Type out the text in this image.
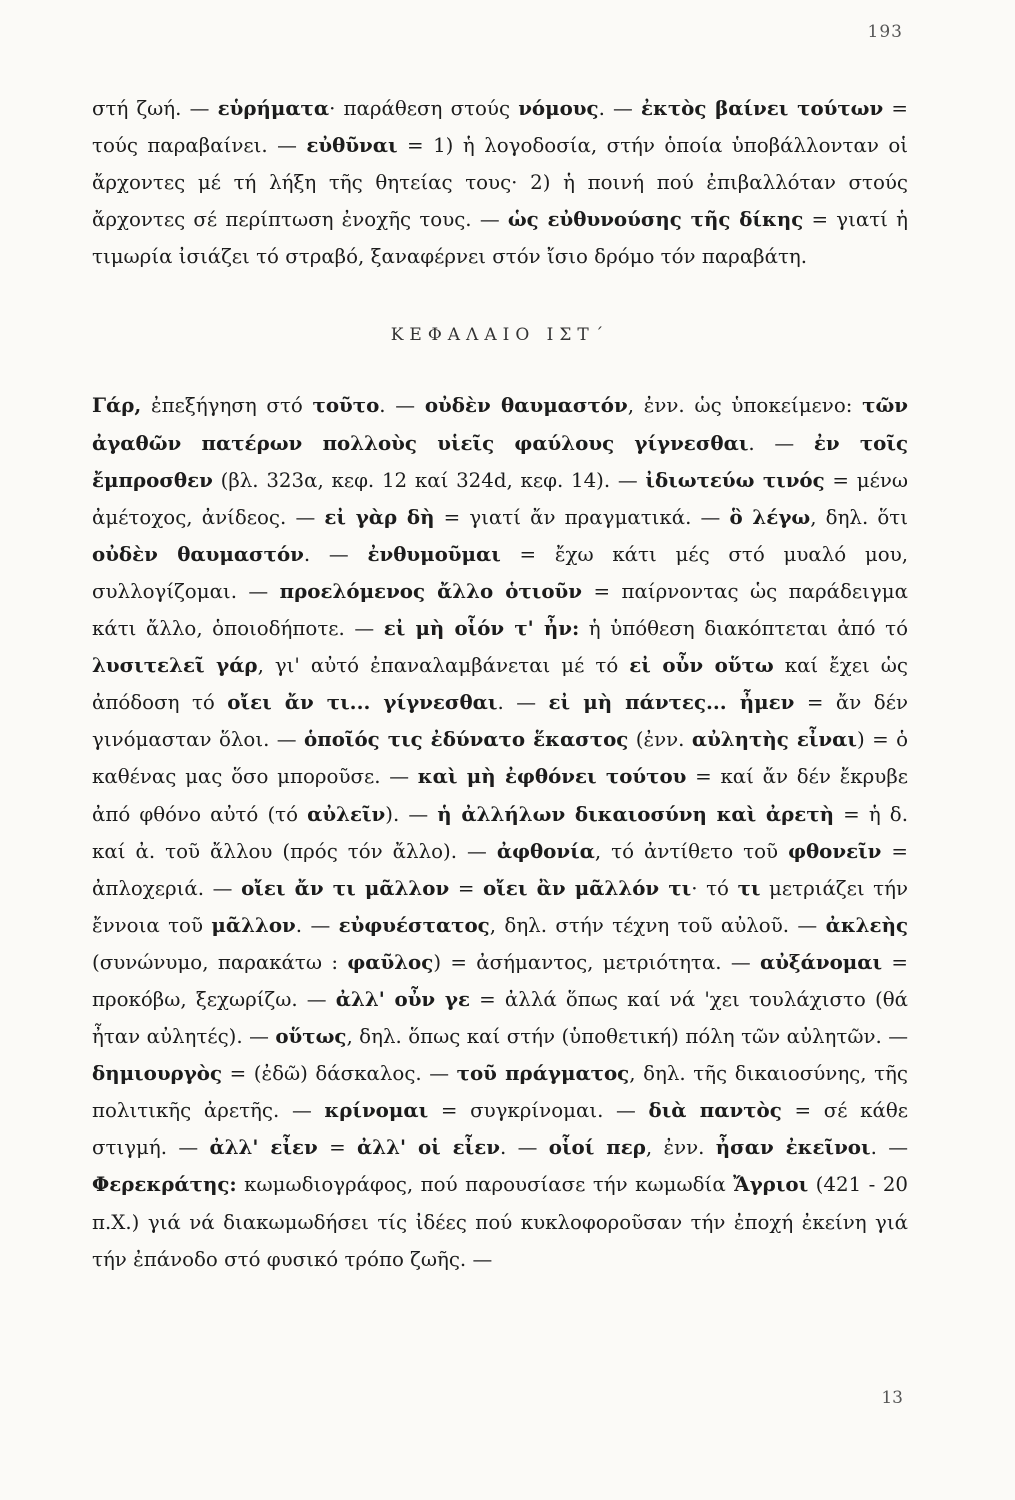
193

στή ζωή. — εὑρήματα· παράθεση στούς νόμους. — ἐκτὸς βαίνει τούτων = τούς παραβαίνει. — εὐθῦναι = 1) ἡ λογοδοσία, στήν ὁποία ὑποβάλλονταν οἱ ἄρχοντες μέ τή λήξη τῆς θητείας τους· 2) ἡ ποινή πού ἐπιβαλλόταν στούς ἄρχοντες σέ περίπτωση ἐνοχῆς τους. — ὡς εὐθυνούσης τῆς δίκης = γιατί ἡ τιμωρία ἰσιάζει τό στραβό, ξαναφέρνει στόν ἴσιο δρόμο τόν παραβάτη.

ΚΕΦΑΛΑΙΟ ΙΣΤ΄

Γάρ, ἐπεξήγηση στό τοῦτο. — οὐδὲν θαυμαστόν, ἐνν. ὡς ὑποκείμενο: τῶν ἀγαθῶν πατέρων πολλοὺς υἱεῖς φαύλους γίγνεσθαι. — ἐν τοῖς ἔμπροσθεν (βλ. 323α, κεφ. 12 καί 324d, κεφ. 14). — ἰδιωτεύω τινός = μένω ἀμέτοχος, ἀνίδεος. — εἰ γὰρ δὴ = γιατί ἄν πραγματικά. — ὃ λέγω, δηλ. ὅτι οὐδὲν θαυμαστόν. — ἐνθυμοῦμαι = ἔχω κάτι μές στό μυαλό μου, συλλογίζομαι. — προελόμενος ἄλλο ὁτιοῦν = παίρνοντας ὡς παράδειγμα κάτι ἄλλο, ὁποιοδήποτε. — εἰ μὴ οἷόν τ' ἦν: ἡ ὑπόθεση διακόπτεται ἀπό τό λυσιτελεῖ γάρ, γι' αὐτό ἐπαναλαμβάνεται μέ τό εἰ οὖν οὕτω καί ἔχει ὡς ἀπόδοση τό οἴει ἄν τι... γίγνεσθαι. — εἰ μὴ πάντες... ἦμεν = ἄν δέν γινόμασταν ὅλοι. — ὁποῖός τις ἐδύνατο ἕκαστος (ἐνν. αὐλητὴς εἶναι) = ὁ καθένας μας ὅσο μποροῦσε. — καὶ μὴ ἐφθόνει τούτου = καί ἄν δέν ἔκρυβε ἀπό φθόνο αὐτό (τό αὐλεῖν). — ἡ ἀλλήλων δικαιοσύνη καὶ ἀρετὴ = ἡ δ. καί ἀ. τοῦ ἄλλου (πρός τόν ἄλλο). — ἀφθονία, τό ἀντίθετο τοῦ φθονεῖν = ἀπλοχεριά. — οἴει ἄν τι μᾶλλον = οἴει ἂν μᾶλλόν τι· τό τι μετριάζει τήν ἔννοια τοῦ μᾶλλον. — εὐφυέστατος, δηλ. στήν τέχνη τοῦ αὐλοῦ. — ἀκλεὴς (συνώνυμο, παρακάτω : φαῦλος) = ἀσήμαντος, μετριότητα. — αὐξάνομαι = προκόβω, ξεχωρίζω. — ἀλλ' οὖν γε = ἀλλά ὅπως καί νά 'χει τουλάχιστο (θά ἦταν αὐλητές). — οὕτως, δηλ. ὅπως καί στήν (ὑποθετική) πόλη τῶν αὐλητῶν. — δημιουργὸς = (ἐδῶ) δάσκαλος. — τοῦ πράγματος, δηλ. τῆς δικαιοσύνης, τῆς πολιτικῆς ἀρετῆς. — κρίνομαι = συγκρίνομαι. — διὰ παντὸς = σέ κάθε στιγμή. — ἀλλ' εἶεν = ἀλλ' οἱ εἶεν. — οἷοί περ, ἐνν. ἦσαν ἐκεῖνοι. — Φερεκράτης: κωμωδιογράφος, πού παρουσίασε τήν κωμωδία Ἄγριοι (421 - 20 π.Χ.) γιά νά διακωμωδήσει τίς ἰδέες πού κυκλοφοροῦσαν τήν ἐποχή ἐκείνη γιά τήν ἐπάνοδο στό φυσικό τρόπο ζωῆς. —

13
